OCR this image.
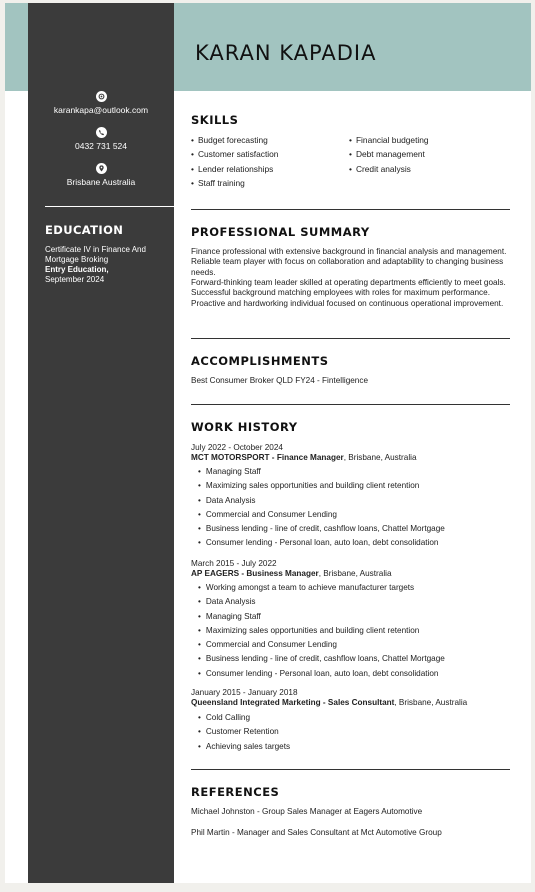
KARAN KAPADIA
karankapa@outlook.com
0432 731 524
Brisbane Australia
EDUCATION
Certificate IV in Finance And Mortgage Broking
Entry Education,
September 2024
SKILLS
• Budget forecasting
• Customer satisfaction
• Lender relationships
• Staff training
• Financial budgeting
• Debt management
• Credit analysis
PROFESSIONAL SUMMARY

Finance professional with extensive background in financial analysis and management. Reliable team player with focus on collaboration and adaptability to changing business needs.

Forward-thinking team leader skilled at operating departments efficiently to meet goals. Successful background matching employees with roles for maximum performance. Proactive and hardworking individual focused on continuous operational improvement.

ACCOMPLISHMENTS

Best Consumer Broker QLD FY24 - Fintelligence

WORK HISTORY

July 2022 - October 2024

MCT MOTORSPORT - Finance Manager, Brisbane, Australia

• Managing Staff
• Maximizing sales opportunities and building client retention
• Data Analysis
• Commercial and Consumer Lending
• Business lending - line of credit, cashflow loans, Chattel Mortgage
• Consumer lending - Personal loan, auto loan, debt consolidation

March 2015 - July 2022

AP EAGERS - Business Manager, Brisbane, Australia

• Working amongst a team to achieve manufacturer targets
• Data Analysis
• Managing Staff
• Maximizing sales opportunities and building client retention
• Commercial and Consumer Lending
• Business lending - line of credit, cashflow loans, Chattel Mortgage
• Consumer lending - Personal loan, auto loan, debt consolidation

January 2015 - January 2018

Queensland Integrated Marketing - Sales Consultant, Brisbane, Australia

• Cold Calling
• Customer Retention
• Achieving sales targets
REFERENCES

Michael Johnston - Group Sales Manager at Eagers Automotive

Phil Martin - Manager and Sales Consultant at Mct Automotive Group
